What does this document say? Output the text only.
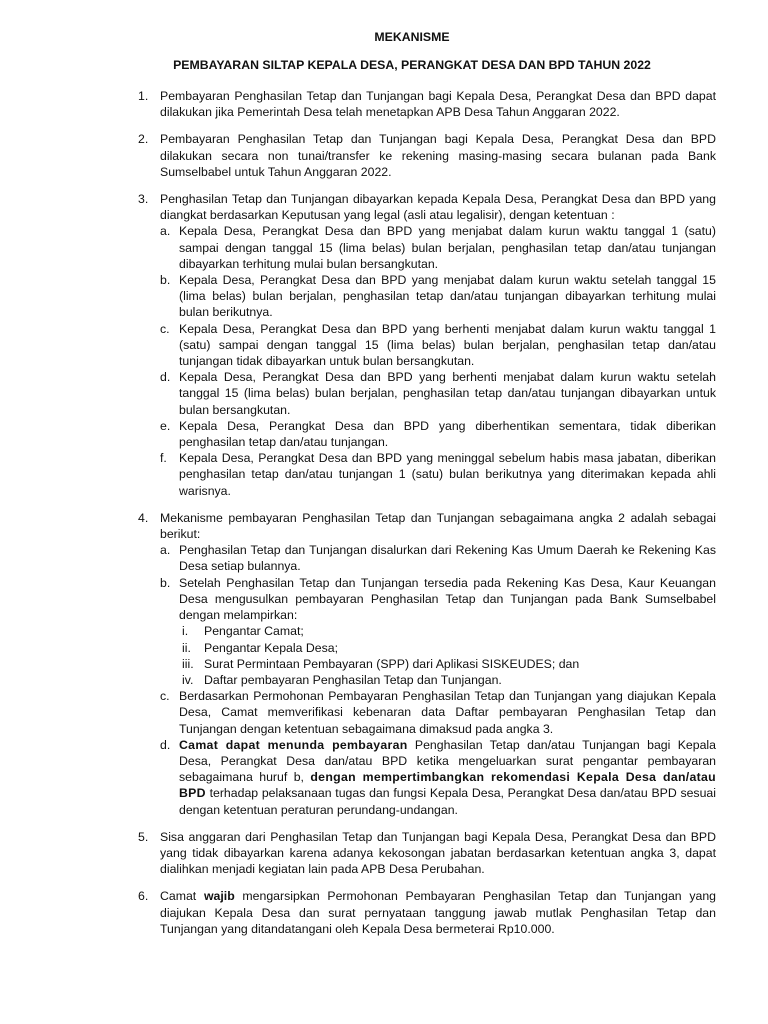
MEKANISME
PEMBAYARAN SILTAP KEPALA DESA, PERANGKAT DESA DAN BPD TAHUN 2022
1. Pembayaran Penghasilan Tetap dan Tunjangan bagi Kepala Desa, Perangkat Desa dan BPD dapat dilakukan jika Pemerintah Desa telah menetapkan APB Desa Tahun Anggaran 2022.
2. Pembayaran Penghasilan Tetap dan Tunjangan bagi Kepala Desa, Perangkat Desa dan BPD dilakukan secara non tunai/transfer ke rekening masing-masing secara bulanan pada Bank Sumselbabel untuk Tahun Anggaran 2022.
3. Penghasilan Tetap dan Tunjangan dibayarkan kepada Kepala Desa, Perangkat Desa dan BPD yang diangkat berdasarkan Keputusan yang legal (asli atau legalisir), dengan ketentuan :
a. Kepala Desa, Perangkat Desa dan BPD yang menjabat dalam kurun waktu tanggal 1 (satu) sampai dengan tanggal 15 (lima belas) bulan berjalan, penghasilan tetap dan/atau tunjangan dibayarkan terhitung mulai bulan bersangkutan.
b. Kepala Desa, Perangkat Desa dan BPD yang menjabat dalam kurun waktu setelah tanggal 15 (lima belas) bulan berjalan, penghasilan tetap dan/atau tunjangan dibayarkan terhitung mulai bulan berikutnya.
c. Kepala Desa, Perangkat Desa dan BPD yang berhenti menjabat dalam kurun waktu tanggal 1 (satu) sampai dengan tanggal 15 (lima belas) bulan berjalan, penghasilan tetap dan/atau tunjangan tidak dibayarkan untuk bulan bersangkutan.
d. Kepala Desa, Perangkat Desa dan BPD yang berhenti menjabat dalam kurun waktu setelah tanggal 15 (lima belas) bulan berjalan, penghasilan tetap dan/atau tunjangan dibayarkan untuk bulan bersangkutan.
e. Kepala Desa, Perangkat Desa dan BPD yang diberhentikan sementara, tidak diberikan penghasilan tetap dan/atau tunjangan.
f. Kepala Desa, Perangkat Desa dan BPD yang meninggal sebelum habis masa jabatan, diberikan penghasilan tetap dan/atau tunjangan 1 (satu) bulan berikutnya yang diterimakan kepada ahli warisnya.
4. Mekanisme pembayaran Penghasilan Tetap dan Tunjangan sebagaimana angka 2 adalah sebagai berikut:
a. Penghasilan Tetap dan Tunjangan disalurkan dari Rekening Kas Umum Daerah ke Rekening Kas Desa setiap bulannya.
b. Setelah Penghasilan Tetap dan Tunjangan tersedia pada Rekening Kas Desa, Kaur Keuangan Desa mengusulkan pembayaran Penghasilan Tetap dan Tunjangan pada Bank Sumselbabel dengan melampirkan:
i.	Pengantar Camat;
ii.	Pengantar Kepala Desa;
iii. Surat Permintaan Pembayaran (SPP) dari Aplikasi SISKEUDES; dan
iv. Daftar pembayaran Penghasilan Tetap dan Tunjangan.
c. Berdasarkan Permohonan Pembayaran Penghasilan Tetap dan Tunjangan yang diajukan Kepala Desa, Camat memverifikasi kebenaran data Daftar pembayaran Penghasilan Tetap dan Tunjangan dengan ketentuan sebagaimana dimaksud pada angka 3.
d. Camat dapat menunda pembayaran Penghasilan Tetap dan/atau Tunjangan bagi Kepala Desa, Perangkat Desa dan/atau BPD ketika mengeluarkan surat pengantar pembayaran sebagaimana huruf b, dengan mempertimbangkan rekomendasi Kepala Desa dan/atau BPD terhadap pelaksanaan tugas dan fungsi Kepala Desa, Perangkat Desa dan/atau BPD sesuai dengan ketentuan peraturan perundang-undangan.
5. Sisa anggaran dari Penghasilan Tetap dan Tunjangan bagi Kepala Desa, Perangkat Desa dan BPD yang tidak dibayarkan karena adanya kekosongan jabatan berdasarkan ketentuan angka 3, dapat dialihkan menjadi kegiatan lain pada APB Desa Perubahan.
6. Camat wajib mengarsipkan Permohonan Pembayaran Penghasilan Tetap dan Tunjangan yang diajukan Kepala Desa dan surat pernyataan tanggung jawab mutlak Penghasilan Tetap dan Tunjangan yang ditandatangani oleh Kepala Desa bermeterai Rp10.000.
